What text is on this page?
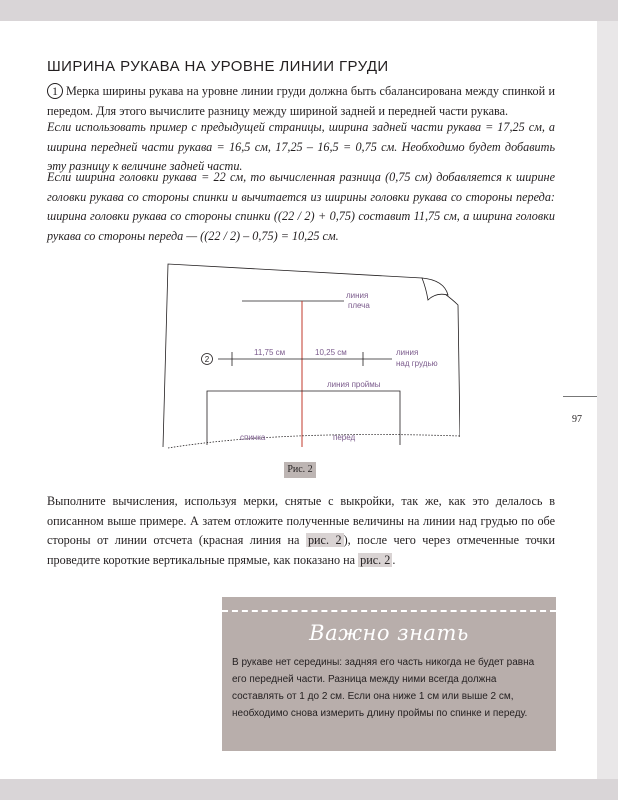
ШИРИНА РУКАВА НА УРОВНЕ ЛИНИИ ГРУДИ
1 Мерка ширины рукава на уровне линии груди должна быть сбалансирована между спинкой и передом. Для этого вычислите разницу между шириной задней и передней части рукава.
Если использовать пример с предыдущей страницы, ширина задней части рукава = 17,25 см, а ширина передней части рукава = 16,5 см, 17,25 – 16,5 = 0,75 см. Необходимо будет добавить эту разницу к величине задней части.
Если ширина головки рукава = 22 см, то вычисленная разница (0,75 см) добавляется к ширине головки рукава со стороны спинки и вычитается из ширины головки рукава со стороны переда: ширина головки рукава со стороны спинки ((22 / 2) + 0,75) составит 11,75 см, а ширина головки рукава со стороны переда — ((22 / 2) – 0,75) = 10,25 см.
2
линия
плеча
11,75 см	10,25 см	линия
над грудью
линия проймы
спинка	перед
Рис. 2
Выполните вычисления, используя мерки, снятые с выкройки, так же, как это делалось в описанном выше примере. А затем отложите полученные величины на линии над грудью по обе стороны от линии отсчета (красная линия на рис. 2 ), после чего через отмеченные точки проведите короткие вертикальные прямые, как показано на рис. 2 .
Важно знать
В рукаве нет середины: задняя его часть никогда не будет равна его передней части. Разница между ними всегда должна составлять от 1 до 2 см. Если она ниже 1 см или выше 2 см, необходимо снова измерить длину проймы по спинке и переду.
97
